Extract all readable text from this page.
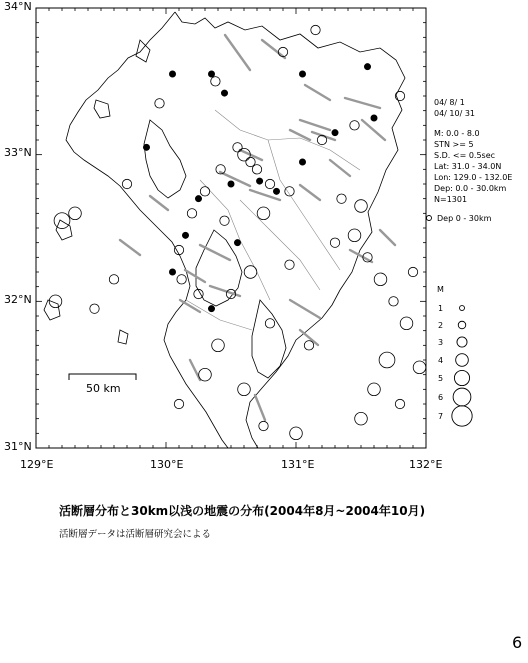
34°N
33°N
32°N
31°N
129°E	130°E	131°E	132°E
04/ 8/ 1
04/ 10/ 31
M: 0.0 - 8.0
STN >= 5
S.D. <= 0.5sec
Lat: 31.0 - 34.0N
Lon: 129.0 - 132.0E
Dep: 0.0 - 30.0km
N=1301
Dep 0 - 30km
M
1
2
3
4
5
6
7
50 km
活断層分布と30km以浅の地震の分布(2004年8月~2004年10月)
活断層データは活断層研究会による
6
